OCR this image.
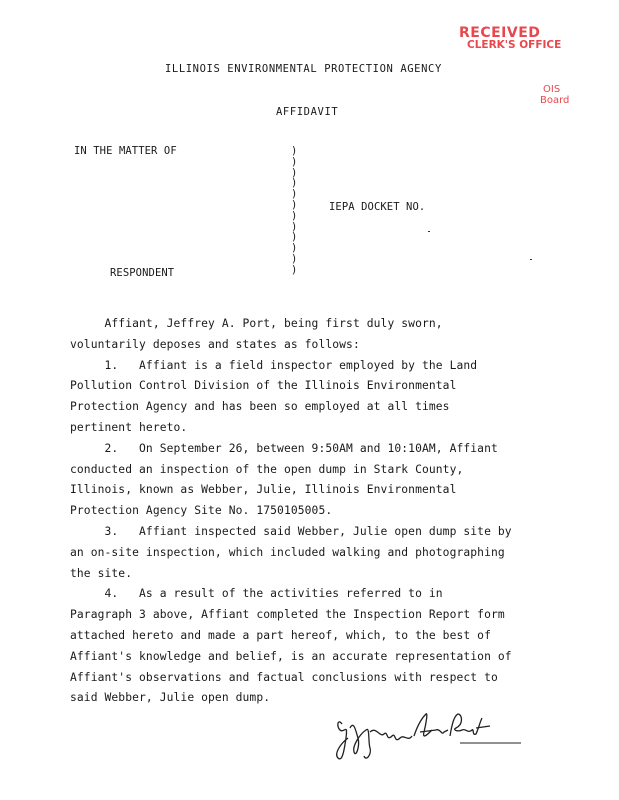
RECEIVED
CLERK'S OFFICE
OIS
Board
ILLINOIS ENVIRONMENTAL PROTECTION AGENCY
AFFIDAVIT
IN THE MATTER OF	)
)
)
)
)
)
)
)
)
)
)
)
IEPA DOCKET NO.
RESPONDENT
Affiant, Jeffrey A. Port, being first duly sworn,
voluntarily deposes and states as follows:
1.   Affiant is a field inspector employed by the Land
Pollution Control Division of the Illinois Environmental
Protection Agency and has been so employed at all times
pertinent hereto.
2.   On September 26, between 9:50AM and 10:10AM, Affiant
conducted an inspection of the open dump in Stark County,
Illinois, known as Webber, Julie, Illinois Environmental
Protection Agency Site No. 1750105005.
3.   Affiant inspected said Webber, Julie open dump site by
an on-site inspection, which included walking and photographing
the site.
4.   As a result of the activities referred to in
Paragraph 3 above, Affiant completed the Inspection Report form
attached hereto and made a part hereof, which, to the best of
Affiant's knowledge and belief, is an accurate representation of
Affiant's observations and factual conclusions with respect to
said Webber, Julie open dump.
